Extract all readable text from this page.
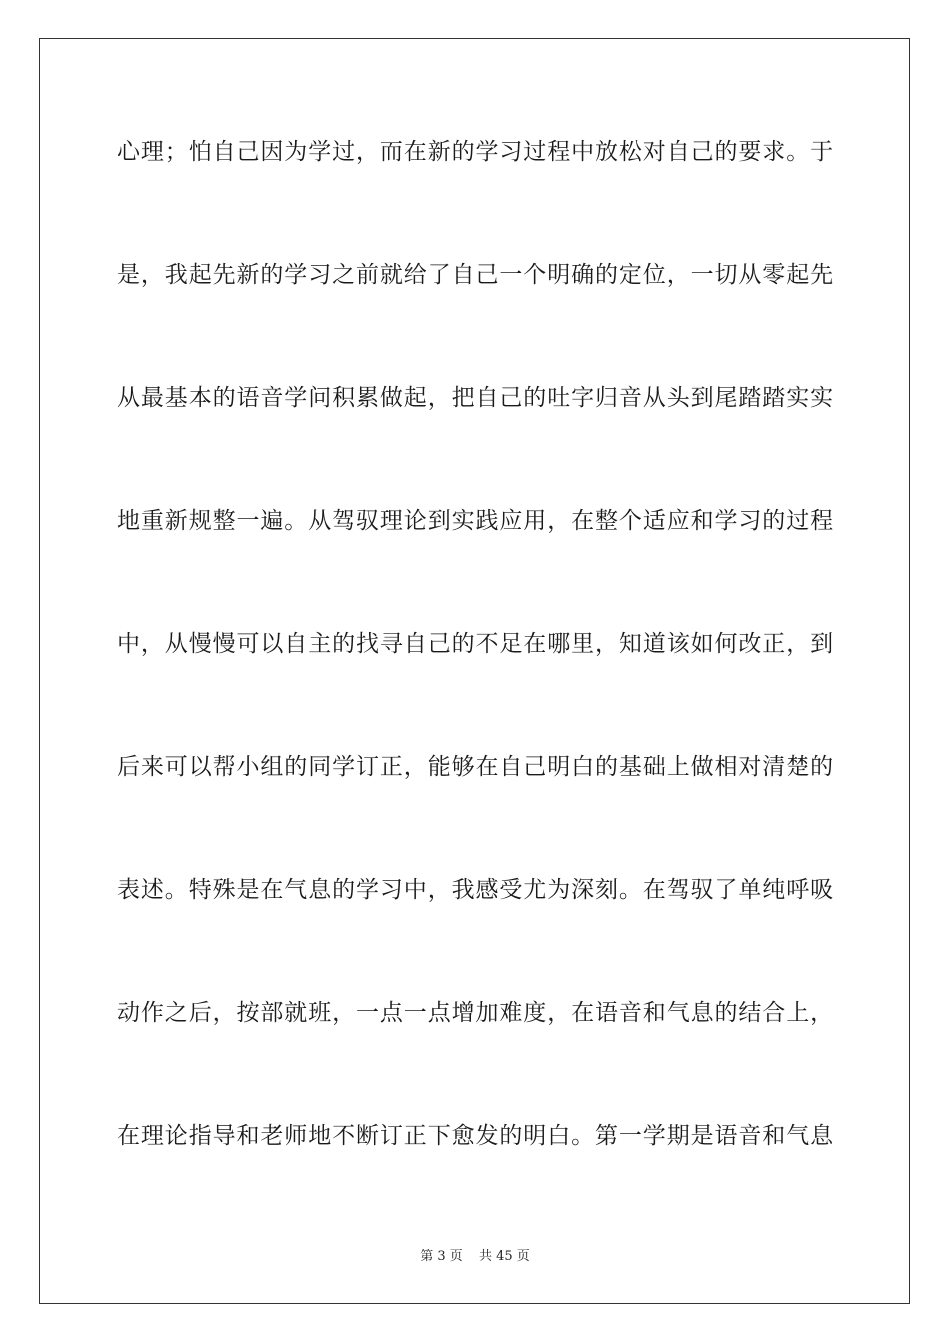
心理；怕自己因为学过，而在新的学习过程中放松对自己的要求。于
是，我起先新的学习之前就给了自己一个明确的定位，一切从零起先
从最基本的语音学问积累做起，把自己的吐字归音从头到尾踏踏实实
地重新规整一遍。从驾驭理论到实践应用，在整个适应和学习的过程
中，从慢慢可以自主的找寻自己的不足在哪里，知道该如何改正，到
后来可以帮小组的同学订正，能够在自己明白的基础上做相对清楚的
表述。特殊是在气息的学习中，我感受尤为深刻。在驾驭了单纯呼吸
动作之后，按部就班，一点一点增加难度，在语音和气息的结合上，
在理论指导和老师地不断订正下愈发的明白。第一学期是语音和气息
第 3 页 共 45 页
